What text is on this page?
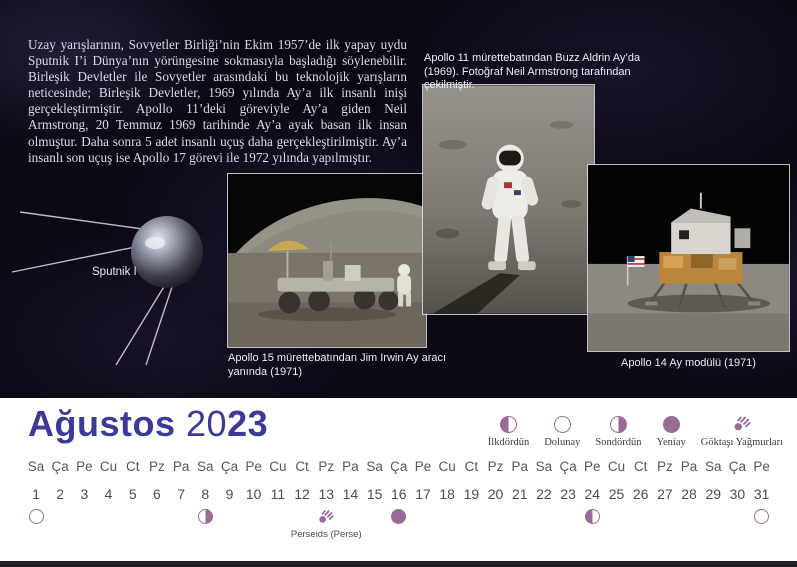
Uzay yarışlarının, Sovyetler Birliği’nin Ekim 1957’de ilk yapay uydu Sputnik I’i Dünya’nın yörüngesine sokmasıyla başladığı söylenebilir. Birleşik Devletler ile Sovyetler arasındaki bu teknolojik yarışların neticesinde; Birleşik Devletler, 1969 yılında Ay’a ilk insanlı inişi gerçekleştirmiştir. Apollo 11’deki göreviyle Ay’a giden Neil Armstrong, 20 Temmuz 1969 tarihinde Ay’a ayak basan ilk insan olmuştur. Daha sonra 5 adet insanlı uçuş daha gerçekleştirilmiştir. Ay’a insanlı son uçuş ise Apollo 17 görevi ile 1972 yılında yapılmıştır.
Sputnik I
Apollo 15 mürettebatından Jim Irwin Ay aracı yanında (1971)
Apollo 11 mürettebatından Buzz Aldrin Ay’da (1969). Fotoğraf Neil Armstrong tarafından çekilmiştir.
Apollo 14 Ay modülü (1971)
Ağustos 2023	İlkdördün Dolunay Sondördün Yeniay Göktaşı Yağmurları
Sa
1
Ça
2
Pe
3
Cu
4
Ct
5
Pz
6
Pa
7
Sa
8
Ça
9
Pe
10
Cu
11
Ct
12
Pz
13
Perseids (Perse)
Pa
14
Sa
15
Ça
16
Pe
17
Cu
18
Ct
19
Pz
20
Pa
21
Sa
22
Ça
23
Pe
24
Cu
25
Ct
26
Pz
27
Pa
28
Sa
29
Ça
30
Pe
31
